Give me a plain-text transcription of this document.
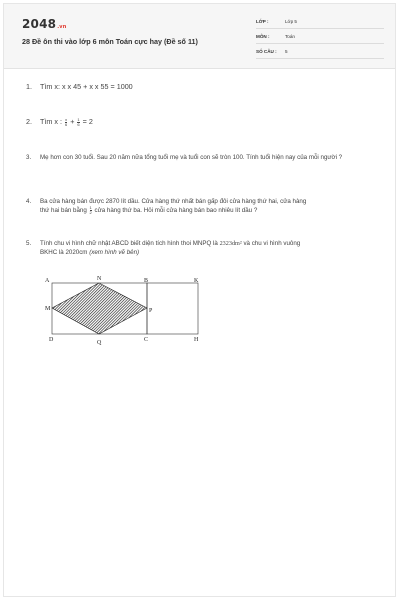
2048.vn
28 Đề ôn thi vào lớp 6 môn Toán cực hay (Đề số 11)
LỚP :	Lớp 5
MÔN :	Toán
SỐ CÂU : 5
1.	Tìm x: x x 45 + x x 55 = 1000
2.	Tìm x : $\frac{x}{6} + \frac{1}{6} = 2$
3.	Mẹ hơn con 30 tuổi. Sau 20 năm nữa tổng tuổi mẹ và tuổi con sẽ tròn 100. Tính tuổi hiện nay của mỗi người ?
4.	Ba cửa hàng bán được 2870 lít dầu. Cửa hàng thứ nhất bán gấp đôi cửa hàng thứ hai, cửa hàng
thứ hai bán bằng $\frac{1}{2}$ cửa hàng thứ ba. Hỏi mỗi cửa hàng bán bao nhiêu lít dầu ?
5.	Tính chu vi hình chữ nhật ABCD biết diện tích hình thoi MNPQ là 2323dm² và chu vi hình vuông
BKHC là 2020cm (xem hình vẽ bên)
A	N	B	K
M	P
D	C	H
Q
